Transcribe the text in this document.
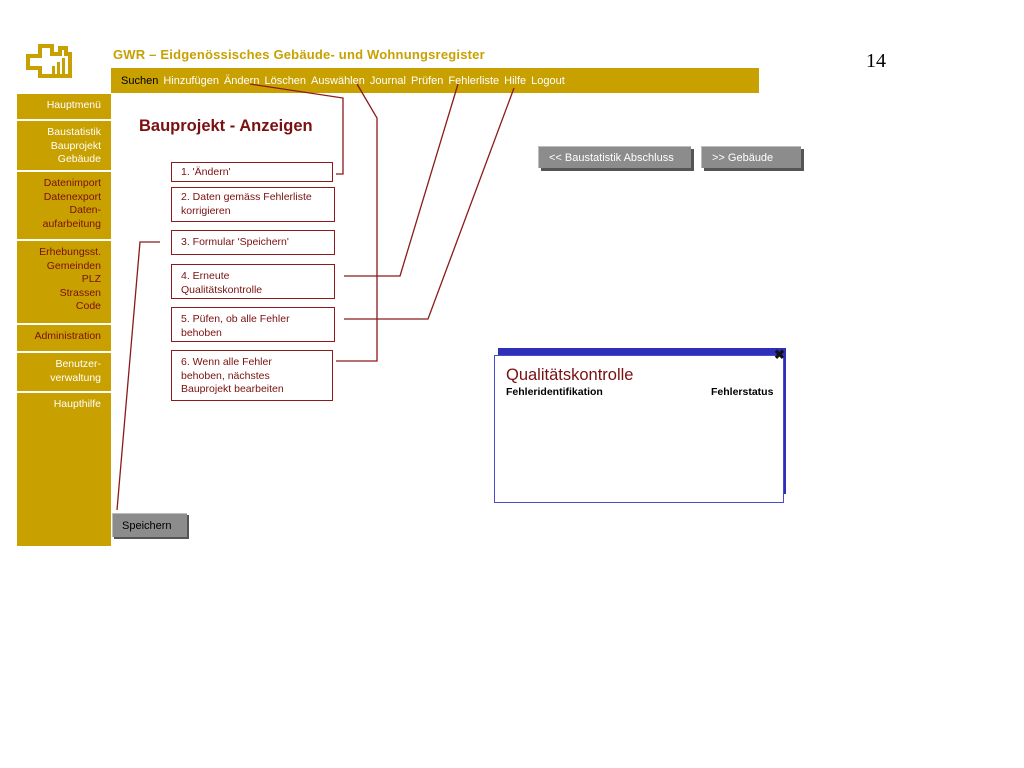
GWR – Eidgenössisches Gebäude- und Wohnungsregister	14
Suchen Hinzufügen Ändern Löschen Auswählen Journal Prüfen Fehlerliste Hilfe Logout
Hauptmenü
Baustatistik
Bauprojekt
Gebäude
Datenimport
Datenexport
Daten-
aufarbeitung
Erhebungsst.
Gemeinden
PLZ
Strassen
Code
Administration
Benutzer-
verwaltung
Haupthilfe
Bauprojekt - Anzeigen
<< Baustatistik Abschluss	>> Gebäude
1. 'Ändern'
2. Daten gemäss Fehlerliste
korrigieren
3. Formular 'Speichern'
4. Erneute
Qualitätskontrolle
5. Püfen, ob alle Fehler
behoben
6. Wenn alle Fehler
behoben, nächstes
Bauprojekt bearbeiten
Qualitätskontrolle
Fehleridentifikation	Fehlerstatus
✖
Speichern
